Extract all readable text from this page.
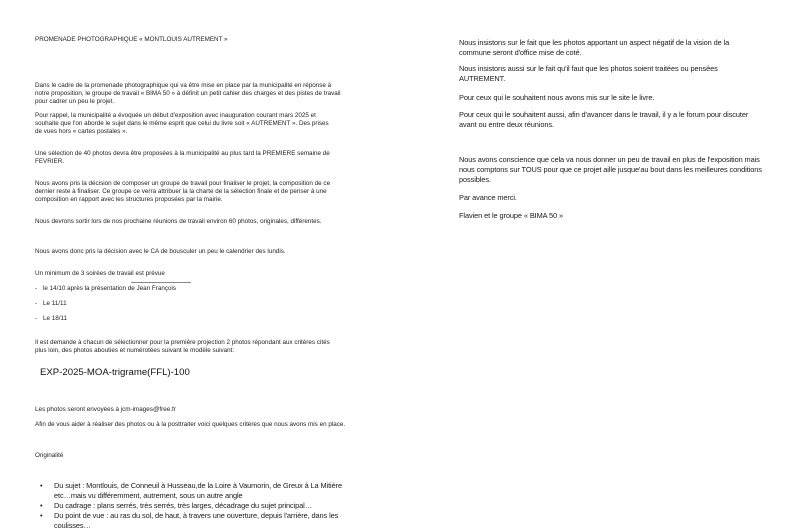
PROMENADE PHOTOGRAPHIQUE « MONTLOUIS AUTREMENT »

Dans le cadre de la promenade photographique qui va être mise en place par la municipalité en réponse à notre proposition, le groupe de travail « BIMA 50 » à définit un petit cahier des charges et des pistes de travail pour cadrer un peu le projet.

Pour rappel, la municipalité a évoquée un début d'exposition avec inauguration courant mars 2025 et souhaite que l'on aborde le sujet dans le même esprit que celui du livre soit « AUTREMENT ». Des prises de vues hors « cartes postales ».

Une sélection de 40 photos devra être proposées à la municipalité au plus tard la PREMIERE semaine de FEVRIER.

Nous avons pris la décision de composer un groupe de travail pour finaliser le projet, la composition de ce dernier reste à finaliser. Ce groupe ce verra attribuer la la charte de la sélection finale et de penser à une composition en rapport avec les structures proposées par la mairie.

Nous devrons sortir lors de nos prochaine réunions de travail environ 60 photos, originales, différentes.

Nous avons donc pris la décision avec le CA de bousculer un peu le calendrier des lundis.

Un minimum de 3 soirées de travail est prévue

- le 14/10 après la présentation de Jean François
- Le 11/11
- Le 18/11

Il est demande à chacun de sélectionner pour la première projection 2 photos répondant aux critères cités plus loin, des photos abouties et numérotées suivant le modèle suivant:

EXP-2025-MOA-trigrame(FFL)-100

Les photos seront envoyées à jcm-images@free.fr

Afin de vous aider à réaliser des photos ou à la posttraiter voici quelques critères que nous avons mis en place.

Originalité

•	Du sujet : Montlouis, de Conneuil à Husseau,de la Loire à Vaumorin, de Greux à La Mitière etc…mais vu différemment, autrement, sous un autre angle
•	Du cadrage : plans serrés, très serrés, très larges, décadrage du sujet principal…
•	Du point de vue : au ras du sol, de haut, à travers une ouverture, depuis l'arrière, dans les coulisses…

Nous insistons sur le fait que les photos apportant un aspect négatif de la vision de la commune seront d'office mise de coté.

Nous insistons aussi sur le fait qu'il faut que les photos soient traitées ou pensées AUTREMENT.

Pour ceux qui le souhaitent nous avons mis sur le site le livre.

Pour ceux qui le souhaitent aussi, afin d'avancer dans le travail, il y a le forum pour discuter avant ou entre deux réunions.

Nous avons conscience que cela va nous donner un peu de travail en plus de l'exposition mais nous comptons sur TOUS pour que ce projet aille jusque'au bout dans les meilleures conditions possibles.

Par avance merci.

Flavien et le groupe « BIMA 50 »
